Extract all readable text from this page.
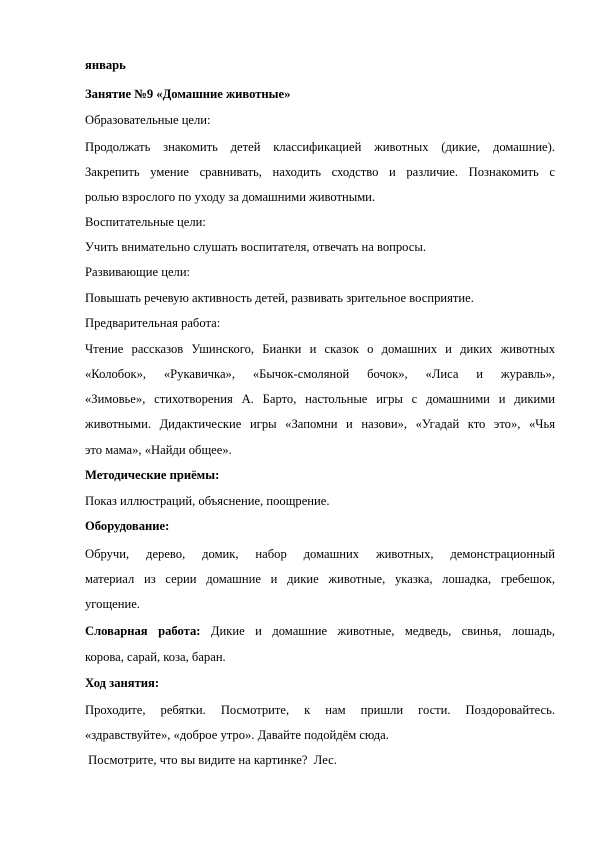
январь
Занятие №9 «Домашние животные»
Образовательные цели:
Продолжать знакомить детей классификацией животных (дикие, домашние).
Закрепить умение сравнивать, находить сходство и различие. Познакомить с
ролью взрослого по уходу за домашними животными.
Воспитательные цели:
Учить внимательно слушать воспитателя, отвечать на вопросы.
Развивающие цели:
Повышать речевую активность детей, развивать зрительное восприятие.
Предварительная работа:
Чтение рассказов Ушинского, Бианки и сказок о домашних и диких животных
«Колобок», «Рукавичка», «Бычок-смоляной бочок», «Лиса и журавль»,
«Зимовье», стихотворения А. Барто, настольные игры с домашними и дикими
животными. Дидактические игры «Запомни и назови», «Угадай кто это», «Чья
это мама», «Найди общее».
Методические приёмы:
Показ иллюстраций, объяснение, поощрение.
Оборудование:
Обручи, дерево, домик, набор домашних животных, демонстрационный
материал из серии домашние и дикие животные, указка, лошадка, гребешок,
угощение.
Словарная работа: Дикие и домашние животные, медведь, свинья, лошадь,
корова, сарай, коза, баран.
Ход занятия:
Проходите, ребятки. Посмотрите, к нам пришли гости. Поздоровайтесь.
«здравствуйте», «доброе утро». Давайте подойдём сюда.
Посмотрите, что вы видите на картинке?  Лес.
